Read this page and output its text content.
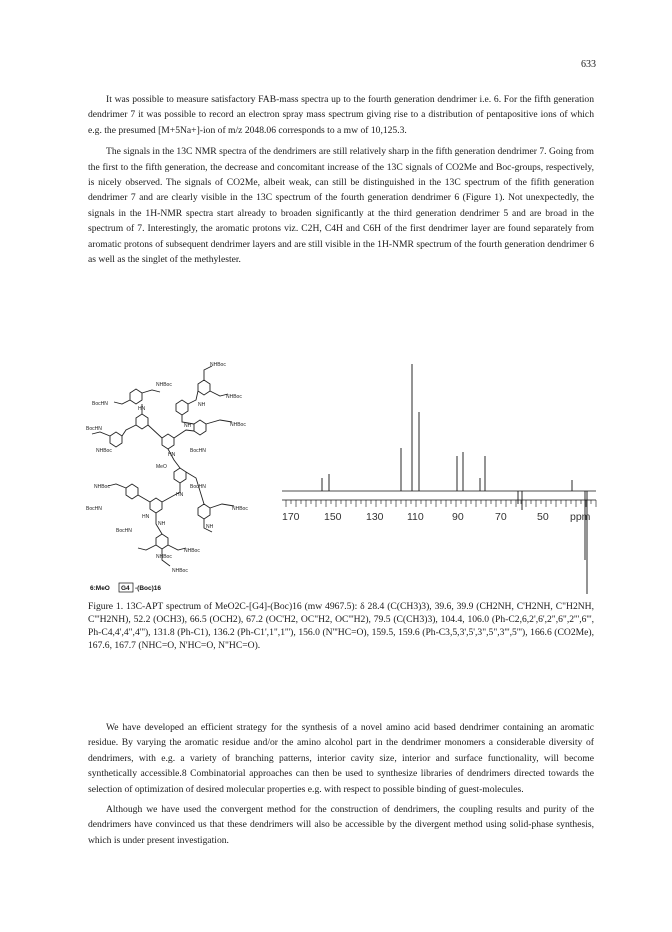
633

It was possible to measure satisfactory FAB-mass spectra up to the fourth generation dendrimer i.e. 6. For the fifth generation dendrimer 7 it was possible to record an electron spray mass spectrum giving rise to a distribution of pentapositive ions of which e.g. the presumed [M+5Na+]-ion of m/z 2048.06 corresponds to a mw of 10,125.3.

The signals in the 13C NMR spectra of the dendrimers are still relatively sharp in the fifth generation dendrimer 7. Going from the first to the fifth generation, the decrease and concomitant increase of the 13C signals of CO2Me and Boc-groups, respectively, is nicely observed. The signals of CO2Me, albeit weak, can still be distinguished in the 13C spectrum of the fifith generation dendrimer 7 and are clearly visible in the 13C spectrum of the fourth generation dendrimer 6 (Figure 1). Not unexpectedly, the signals in the 1H-NMR spectra start already to broaden significantly at the third generation dendrimer 5 and are broad in the spectrum of 7. Interestingly, the aromatic protons viz. C2H, C4H and C6H of the first dendrimer layer are found separately from aromatic protons of subsequent dendrimer layers and are still visible in the 1H-NMR spectrum of the fourth generation dendrimer 6 as well as the singlet of the methylester.

NHBoc
NHBoc
BocHN
NHBoc
BocHN
NHBoc
NHBoc	BocHN
MeO
BocHN
NHBoc
BocHN
BocHN
NHBoc
NHBoc
NHBoc
NHBoc
NH
NH
NH	NH
HN
HN
HN
HN
6:MeO G4 -(Boc)16
170 150 130 110	90	70	50 ppm
Figure 1. 13C-APT spectrum of MeO2C-[G4]-(Boc)16 (mw 4967.5): δ 28.4 (C(CH3)3), 39.6, 39.9 (CH2NH, C'H2NH, C"H2NH, C'''H2NH), 52.2 (OCH3), 66.5 (OCH2), 67.2 (OC'H2, OC"H2, OC'''H2), 79.5 (C(CH3)3), 104.4, 106.0 (Ph-C2,6,2',6',2",6",2''',6''', Ph-C4,4',4",4'''), 131.8 (Ph-C1), 136.2 (Ph-C1',1",1'''), 156.0 (N'''HC=O), 159.5, 159.6 (Ph-C3,5,3',5',3",5",3''',5'''), 166.6 (CO2Me), 167.6, 167.7 (NHC=O, N'HC=O, N"HC=O).

We have developed an efficient strategy for the synthesis of a novel amino acid based dendrimer containing an aromatic residue. By varying the aromatic residue and/or the amino alcohol part in the dendrimer monomers a considerable diversity of dendrimers, with e.g. a variety of branching patterns, interior cavity size, interior and surface functionality, will become synthetically accessible.8 Combinatorial approaches can then be used to synthesize libraries of dendrimers directed towards the selection of optimization of desired molecular properties e.g. with respect to possible binding of guest-molecules.

Although we have used the convergent method for the construction of dendrimers, the coupling results and purity of the dendrimers have convinced us that these dendrimers will also be accessible by the divergent method using solid-phase synthesis, which is under present investigation.
